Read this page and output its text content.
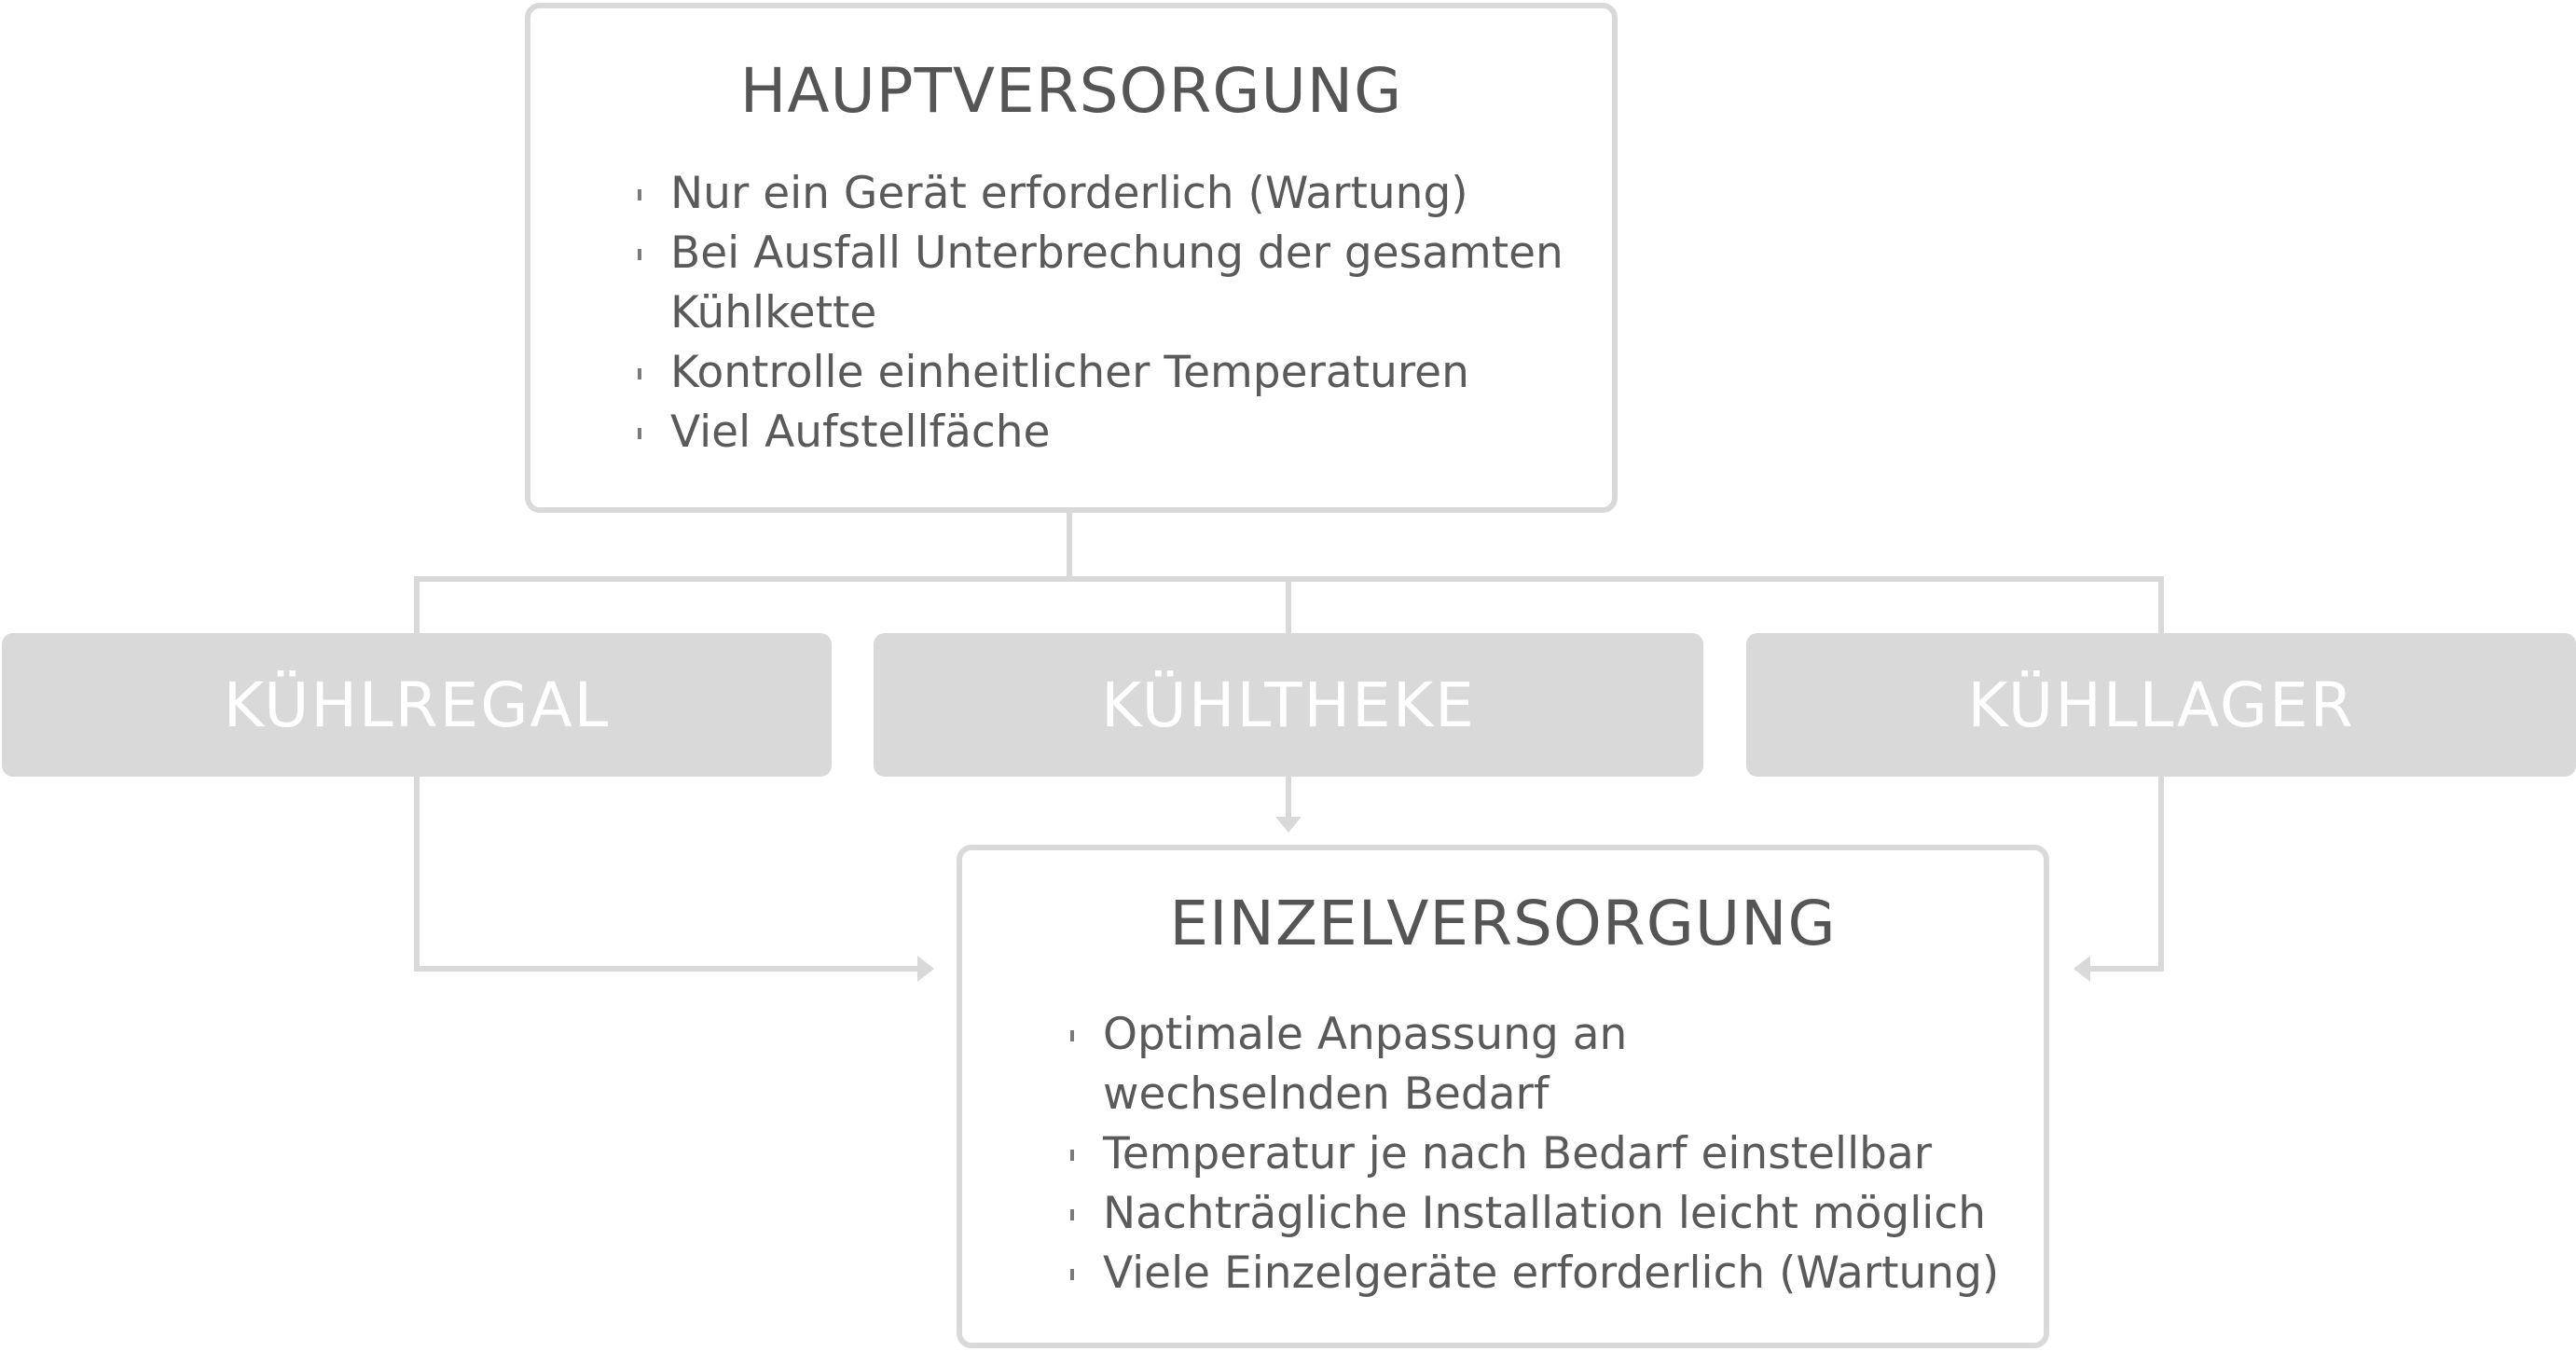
HAUPTVERSORGUNG
Nur ein Gerät erforderlich (Wartung)
Bei Ausfall Unterbrechung der gesamten Kühlkette
Kontrolle einheitlicher Temperaturen
Viel Aufstellfäche
KÜHLREGAL	KÜHLTHEKE	KÜHLLAGER
EINZELVERSORGUNG
Optimale Anpassung an wechselnden Bedarf
Temperatur je nach Bedarf einstellbar
Nachträgliche Installation leicht möglich
Viele Einzelgeräte erforderlich (Wartung)
